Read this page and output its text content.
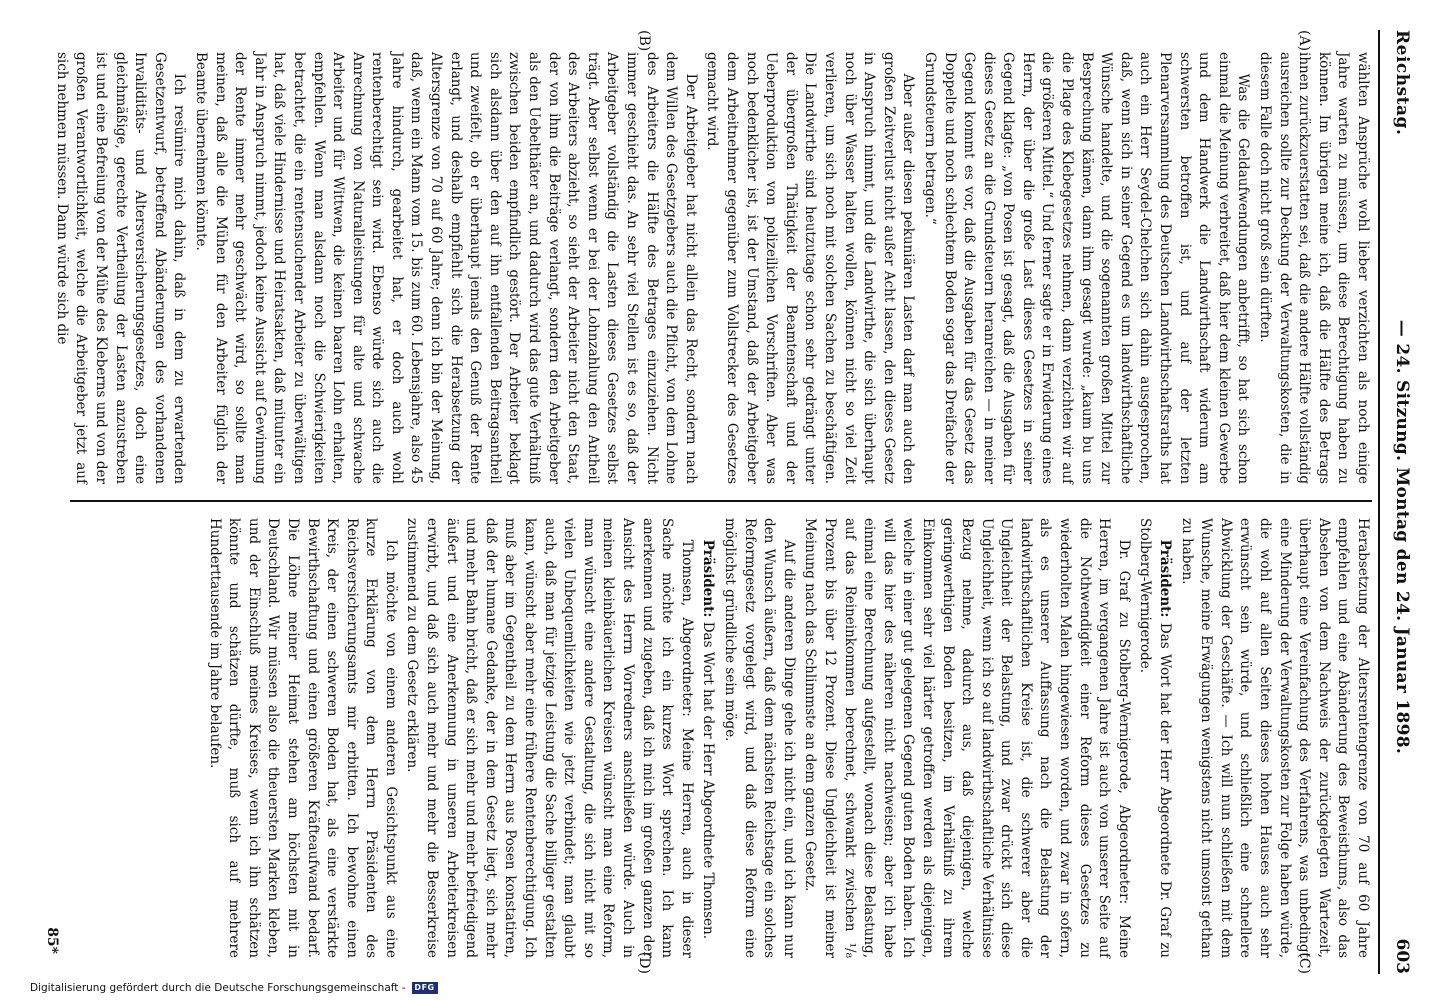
Reichstag.
— 24. Sitzung. Montag den 24. Januar 1898.
603
(A)
(B)
(C)
(D)

wählten Ansprüche wohl lieber verzichten als noch einige Jahre warten zu müssen, um diese Berechtigung haben zu können. Im übrigen meine ich, daß die Hälfte des Betrags ihnen zurückzuerstatten sei, daß die andere Hälfte vollständig ausreichen sollte zur Deckung der Verwaltungskosten, die in diesem Falle doch nicht groß sein dürften.

Was die Geldaufwendungen anbetrifft, so hat sich schon einmal die Meinung verbreitet, daß hier dem kleinen Gewerbe und dem Handwerk die Landwirthschaft widerum am schwersten betroffen ist, und auf der letzten Plenarversammlung des Deutschen Landwirthschaftsraths hat auch ein Herr Seydel-Chelchen sich dahin ausgesprochen, daß, wenn sich in seiner Gegend es um landwirthschaftliche Wünsche handelte, und die sogenannten großen Mittel zur Besprechung kämen, dann ihm gesagt wurde: „kaum bu uns die Plage des Klebegesetzes nehmen, dann verzichten wir auf die größeren Mittel.“ Und ferner sagte er in Erwiderung eines Herrn, der über die große Last dieses Gesetzes in seiner Gegend klagte: „von Posen ist gesagt, daß die Ausgaben für dieses Gesetz an die Grundsteuern heranreichen — in meiner Gegend kommt es vor, daß die Ausgaben für das Gesetz das Doppelte und noch schlechtem Boden sogar das Dreifache der Grundsteuern betragen.“

Aber außer diesen pekuniären Lasten darf man auch den großen Zeitverlust nicht außer Acht lassen, den dieses Gesetz in Anspruch nimmt, und die Landwirthe, die sich überhaupt noch über Wasser halten wollen, können nicht so viel Zeit verlieren, um sich noch mit solchen Sachen zu beschäftigen. Die Landwirthe sind heutzutage schon sehr gedrängt unter der übergroßen Thätigkeit der Beamtenschaft und der Ueberproduktion von polizeilichen Vorschriften. Aber was noch bedenklicher ist, ist der Umstand, daß der Arbeitgeber dem Arbeitnehmer gegenüber zum Vollstrecker des Gesetzes gemacht wird.

Der Arbeitgeber hat nicht allein das Recht, sondern nach dem Willen des Gesetzgebers auch die Pflicht, von dem Lohne des Arbeiters die Hälfte des Betrages einzuziehen. Nicht immer geschieht das. An sehr viel Stellen ist es so, daß der Arbeitgeber vollständig die Lasten dieses Gesetzes selbst trägt. Aber selbst wenn er bei der Lohnzahlung den Antheil des Arbeiters abzieht, so sieht der Arbeiter nicht den Staat, der von ihm die Beiträge verlangt, sondern den Arbeitgeber als den Uebelthäter an, und dadurch wird das gute Verhältniß zwischen beiden empfindlich gestört. Der Arbeiter beklagt sich alsdann über den auf ihn entfallenden Beitragsantheil und zweifelt, ob er überhaupt jemals den Genuß der Rente erlangt, und deshalb empfiehlt sich die Herabsetzung der Altersgrenze von 70 auf 60 Jahre; denn ich bin der Meinung, daß, wenn ein Mann vom 15. bis zum 60. Lebensjahre, also 45 Jahre hindurch, gearbeitet hat, er doch auch wohl rentenberechtigt sein wird. Ebenso würde sich auch die Anrechnung von Naturalleistungen für alte und schwache Arbeiter und für Wittwen, die keinen baaren Lohn erhalten, empfehlen. Wenn man alsdann noch die Schwierigkeiten betrachtet, die ein rentensuchender Arbeiter zu überwältigen hat, daß viele Hindernisse und Heiratsakten, daß mitunter ein Jahr in Anspruch nimmt, jedoch keine Aussicht auf Gewinnung der Rente immer mehr geschwächt wird, so sollte man meinen, daß alle die Mühen für den Arbeiter füglich der Beamte übernehmen könnte.

Ich resümire mich dahin, daß in dem zu erwartenden Gesetzentwurf, betreffend Abänderungen des vorhandenen Invaliditäts- und Altersversicherungsgesetzes, doch eine gleichmäßige, gerechte Vertheilung der Lasten anzustreben ist und eine Befreiung von der Mühe des Kleberns und von der großen Verantwortlichkeit, welche die Arbeitgeber jetzt auf sich nehmen müssen. Dann würde sich die

Herabsetzung der Altersrentengrenze von 70 auf 60 Jahre empfehlen und eine Abänderung des Beweisthums, also das Absehen von dem Nachweis der zurückgelegten Wartezeit, überhaupt eine Vereinfachung des Verfahrens, was unbedingt eine Minderung der Verwaltungskosten zur Folge haben würde, die wohl auf allen Seiten dieses hohen Hauses auch sehr erwünscht sein würde, und schließlich eine schnellere Abwicklung der Geschäfte. — Ich will nun schließen mit dem Wunsche, meine Erwägungen wenigstens nicht umsonst gethan zu haben.

Präsident: Das Wort hat der Herr Abgeordnete Dr. Graf zu Stolberg-Wernigerode.

Dr. Graf zu Stolberg-Wernigerode, Abgeordneter: Meine Herren, im vergangenen Jahre ist auch von unserer Seite auf die Nothwendigkeit einer Reform dieses Gesetzes zu wiederholten Malen hingewiesen worden, und zwar in sofern, als es unserer Auffassung nach die Belastung der landwirthschaftlichen Kreise ist, die schwerer aber die Ungleichheit der Belastung, und zwar drückt sich diese Ungleichheit, wenn ich so auf landwirthschaftliche Verhältnisse Bezug nehme, dadurch aus, daß diejenigen, welche geringwerthigen Boden besitzen, im Verhältniß zu ihrem Einkommen sehr viel härter getroffen werden als diejenigen, welche in einer gut gelegenen Gegend guten Boden haben. Ich will das hier des näheren nicht nachweisen; aber ich habe einmal eine Berechnung aufgestellt, wonach diese Belastung, auf das Reineinkommen berechnet, schwankt zwischen ¹/₈ Prozent bis über 12 Prozent. Diese Ungleichheit ist meiner Meinung nach das Schlimmste an dem ganzen Gesetz.

Auf die anderen Dinge gehe ich nicht ein, und ich kann nur den Wunsch äußern, daß dem nächsten Reichstage ein solches Reformgesetz vorgelegt wird, und daß diese Reform eine möglichst gründliche sein möge.

Präsident: Das Wort hat der Herr Abgeordnete Thomsen.

Thomsen, Abgeordneter: Meine Herren, auch in dieser Sache möchte ich ein kurzes Wort sprechen. Ich kann anerkennen und zugeben, daß ich mich im großen ganzen der Ansicht des Herrn Vorredners anschließen würde. Auch in meinen kleinbäuerlichen Kreisen wünscht man eine Reform, man wünscht eine andere Gestaltung, die sich nicht mit so vielen Unbequemlichkeiten wie jetzt verbindet; man glaubt auch, daß man für jetzige Leistung die Sache billiger gestalten kann, wünscht aber mehr eine frühere Rentenberechtigung. Ich muß aber im Gegentheil zu dem Herrn aus Posen konstatiren, daß der humane Gedanke, der in dem Gesetz liegt, sich mehr und mehr Bahn bricht, daß er sich mehr und mehr befriedigend äußert und eine Anerkennung in unseren Arbeiterkreisen erwirbt, und daß sich auch mehr und mehr die Besserkreise zustimmend zu dem Gesetz erklären.

Ich möchte von einem anderen Gesichtspunkt aus eine kurze Erklärung von dem Herrn Präsidenten des Reichsversicherungsamts mir erbitten. Ich bewohne einen Kreis, der einen schweren Boden hat, als eine verstärkte Bewirthschaftung und einen größeren Kräfteaufwand bedarf. Die Löhne meiner Heimat stehen am höchsten mit in Deutschland. Wir müssen also die theuersten Marken kleben, und der Einschluß meines Kreises, wenn ich ihn schätzen könnte und schätzen dürfte, muß sich auf mehrere Hunderttausende im Jahre belaufen.

85*
Digitalisierung gefördert durch die Deutsche Forschungsgemeinschaft -	DFG
